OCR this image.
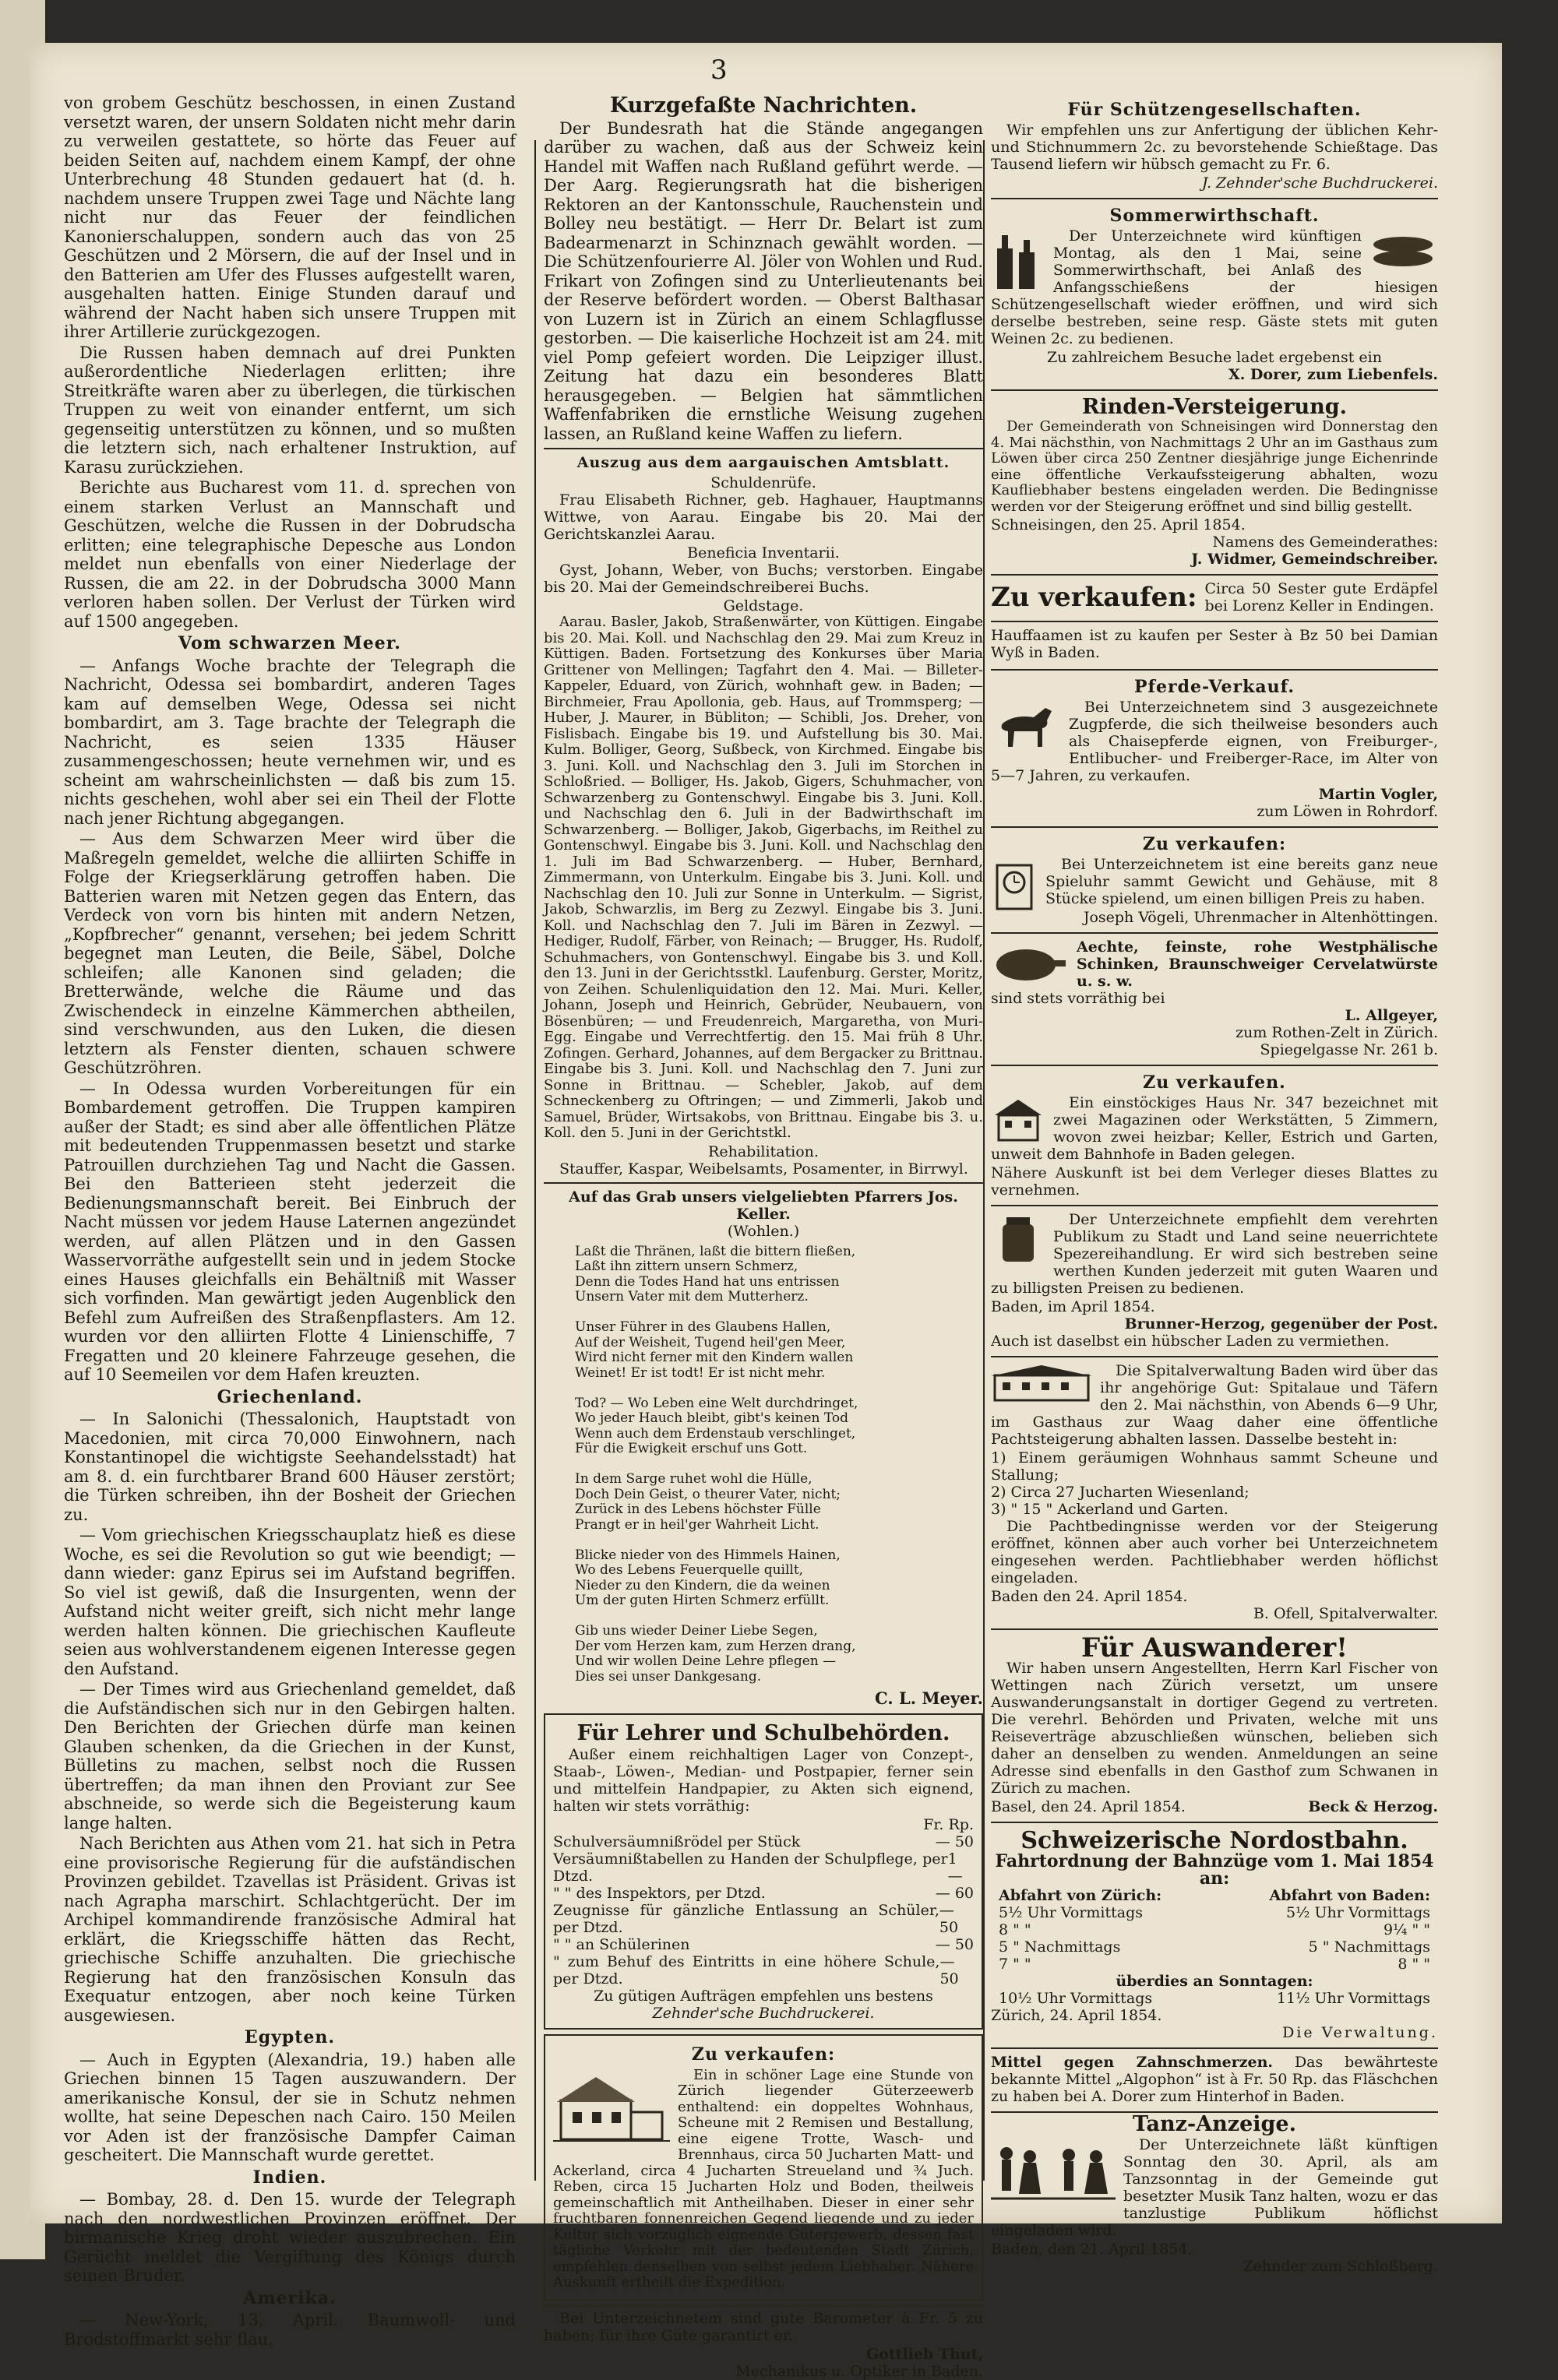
3

von grobem Geschütz beschossen, in einen Zustand versetzt waren, der unsern Soldaten nicht mehr darin zu verweilen gestattete, so hörte das Feuer auf beiden Seiten auf, nachdem einem Kampf, der ohne Unterbrechung 48 Stunden gedauert hat (d. h. nachdem unsere Truppen zwei Tage und Nächte lang nicht nur das Feuer der feindlichen Kanonierschaluppen, sondern auch das von 25 Geschützen und 2 Mörsern, die auf der Insel und in den Batterien am Ufer des Flusses aufgestellt waren, ausgehalten hatten. Einige Stunden darauf und während der Nacht haben sich unsere Truppen mit ihrer Artillerie zurückgezogen.

Die Russen haben demnach auf drei Punkten außerordentliche Niederlagen erlitten; ihre Streitkräfte waren aber zu überlegen, die türkischen Truppen zu weit von einander entfernt, um sich gegenseitig unterstützen zu können, und so mußten die letztern sich, nach erhaltener Instruktion, auf Karasu zurückziehen.

Berichte aus Bucharest vom 11. d. sprechen von einem starken Verlust an Mannschaft und Geschützen, welche die Russen in der Dobrudscha erlitten; eine telegraphische Depesche aus London meldet nun ebenfalls von einer Niederlage der Russen, die am 22. in der Dobrudscha 3000 Mann verloren haben sollen. Der Verlust der Türken wird auf 1500 angegeben.

Vom schwarzen Meer.

— Anfangs Woche brachte der Telegraph die Nachricht, Odessa sei bombardirt, anderen Tages kam auf demselben Wege, Odessa sei nicht bombardirt, am 3. Tage brachte der Telegraph die Nachricht, es seien 1335 Häuser zusammengeschossen; heute vernehmen wir, und es scheint am wahrscheinlichsten — daß bis zum 15. nichts geschehen, wohl aber sei ein Theil der Flotte nach jener Richtung abgegangen.

— Aus dem Schwarzen Meer wird über die Maßregeln gemeldet, welche die alliirten Schiffe in Folge der Kriegserklärung getroffen haben. Die Batterien waren mit Netzen gegen das Entern, das Verdeck von vorn bis hinten mit andern Netzen, „Kopfbrecher“ genannt, versehen; bei jedem Schritt begegnet man Leuten, die Beile, Säbel, Dolche schleifen; alle Kanonen sind geladen; die Bretterwände, welche die Räume und das Zwischendeck in einzelne Kämmerchen abtheilen, sind verschwunden, aus den Luken, die diesen letztern als Fenster dienten, schauen schwere Geschützröhren.

— In Odessa wurden Vorbereitungen für ein Bombardement getroffen. Die Truppen kampiren außer der Stadt; es sind aber alle öffentlichen Plätze mit bedeutenden Truppenmassen besetzt und starke Patrouillen durchziehen Tag und Nacht die Gassen. Bei den Batterieen steht jederzeit die Bedienungsmannschaft bereit. Bei Einbruch der Nacht müssen vor jedem Hause Laternen angezündet werden, auf allen Plätzen und in den Gassen Wasservorräthe aufgestellt sein und in jedem Stocke eines Hauses gleichfalls ein Behältniß mit Wasser sich vorfinden. Man gewärtigt jeden Augenblick den Befehl zum Aufreißen des Straßenpflasters. Am 12. wurden vor den alliirten Flotte 4 Linienschiffe, 7 Fregatten und 20 kleinere Fahrzeuge gesehen, die auf 10 Seemeilen vor dem Hafen kreuzten.

Griechenland.

— In Salonichi (Thessalonich, Hauptstadt von Macedonien, mit circa 70,000 Einwohnern, nach Konstantinopel die wichtigste Seehandelsstadt) hat am 8. d. ein furchtbarer Brand 600 Häuser zerstört; die Türken schreiben, ihn der Bosheit der Griechen zu.

— Vom griechischen Kriegsschauplatz hieß es diese Woche, es sei die Revolution so gut wie beendigt; — dann wieder: ganz Epirus sei im Aufstand begriffen. So viel ist gewiß, daß die Insurgenten, wenn der Aufstand nicht weiter greift, sich nicht mehr lange werden halten können. Die griechischen Kaufleute seien aus wohlverstandenem eigenen Interesse gegen den Aufstand.

— Der Times wird aus Griechenland gemeldet, daß die Aufständischen sich nur in den Gebirgen halten. Den Berichten der Griechen dürfe man keinen Glauben schenken, da die Griechen in der Kunst, Bülletins zu machen, selbst noch die Russen übertreffen; da man ihnen den Proviant zur See abschneide, so werde sich die Begeisterung kaum lange halten.

Nach Berichten aus Athen vom 21. hat sich in Petra eine provisorische Regierung für die aufständischen Provinzen gebildet. Tzavellas ist Präsident. Grivas ist nach Agrapha marschirt. Schlachtgerücht. Der im Archipel kommandirende französische Admiral hat erklärt, die Kriegsschiffe hätten das Recht, griechische Schiffe anzuhalten. Die griechische Regierung hat den französischen Konsuln das Exequatur entzogen, aber noch keine Türken ausgewiesen.

Egypten.

— Auch in Egypten (Alexandria, 19.) haben alle Griechen binnen 15 Tagen auszuwandern. Der amerikanische Konsul, der sie in Schutz nehmen wollte, hat seine Depeschen nach Cairo. 150 Meilen vor Aden ist der französische Dampfer Caiman gescheitert. Die Mannschaft wurde gerettet.

Indien.

— Bombay, 28. d. Den 15. wurde der Telegraph nach den nordwestlichen Provinzen eröffnet. Der birmanische Krieg droht wieder auszubrechen. Ein Gerücht meldet die Vergiftung des Königs durch seinen Bruder.

Amerika.

— New-York, 13. April. Baumwoll- und Brodstoffmarkt sehr flau.

Kurzgefaßte Nachrichten.

Der Bundesrath hat die Stände angegangen darüber zu wachen, daß aus der Schweiz kein Handel mit Waffen nach Rußland geführt werde. — Der Aarg. Regierungsrath hat die bisherigen Rektoren an der Kantonsschule, Rauchenstein und Bolley neu bestätigt. — Herr Dr. Belart ist zum Badearmenarzt in Schinznach gewählt worden. — Die Schützenfourierre Al. Jöler von Wohlen und Rud. Frikart von Zofingen sind zu Unterlieutenants bei der Reserve befördert worden. — Oberst Balthasar von Luzern ist in Zürich an einem Schlagflusse gestorben. — Die kaiserliche Hochzeit ist am 24. mit viel Pomp gefeiert worden. Die Leipziger illust. Zeitung hat dazu ein besonderes Blatt herausgegeben. — Belgien hat sämmtlichen Waffenfabriken die ernstliche Weisung zugehen lassen, an Rußland keine Waffen zu liefern.

Auszug aus dem aargauischen Amtsblatt.
Schuldenrüfe.

Frau Elisabeth Richner, geb. Haghauer, Hauptmanns Wittwe, von Aarau. Eingabe bis 20. Mai der Gerichtskanzlei Aarau.

Beneficia Inventarii.

Gyst, Johann, Weber, von Buchs; verstorben. Eingabe bis 20. Mai der Gemeindschreiberei Buchs.

Geldstage.

Aarau. Basler, Jakob, Straßenwärter, von Küttigen. Eingabe bis 20. Mai. Koll. und Nachschlag den 29. Mai zum Kreuz in Küttigen. Baden. Fortsetzung des Konkurses über Maria Grittener von Mellingen; Tagfahrt den 4. Mai. — Billeter-Kappeler, Eduard, von Zürich, wohnhaft gew. in Baden; — Birchmeier, Frau Apollonia, geb. Haus, auf Trommsperg; — Huber, J. Maurer, in Bübliton; — Schibli, Jos. Dreher, von Fislisbach. Eingabe bis 19. und Aufstellung bis 30. Mai. Kulm. Bolliger, Georg, Sußbeck, von Kirchmed. Eingabe bis 3. Juni. Koll. und Nachschlag den 3. Juli im Storchen in Schloßried. — Bolliger, Hs. Jakob, Gigers, Schuhmacher, von Schwarzenberg zu Gontenschwyl. Eingabe bis 3. Juni. Koll. und Nachschlag den 6. Juli in der Badwirthschaft im Schwarzenberg. — Bolliger, Jakob, Gigerbachs, im Reithel zu Gontenschwyl. Eingabe bis 3. Juni. Koll. und Nachschlag den 1. Juli im Bad Schwarzenberg. — Huber, Bernhard, Zimmermann, von Unterkulm. Eingabe bis 3. Juni. Koll. und Nachschlag den 10. Juli zur Sonne in Unterkulm. — Sigrist, Jakob, Schwarzlis, im Berg zu Zezwyl. Eingabe bis 3. Juni. Koll. und Nachschlag den 7. Juli im Bären in Zezwyl. — Hediger, Rudolf, Färber, von Reinach; — Brugger, Hs. Rudolf, Schuhmachers, von Gontenschwyl. Eingabe bis 3. und Koll. den 13. Juni in der Gerichtsstkl. Laufenburg. Gerster, Moritz, von Zeihen. Schulenliquidation den 12. Mai. Muri. Keller, Johann, Joseph und Heinrich, Gebrüder, Neubauern, von Bösenbüren; — und Freudenreich, Margaretha, von Muri-Egg. Eingabe und Verrechtfertig. den 15. Mai früh 8 Uhr. Zofingen. Gerhard, Johannes, auf dem Bergacker zu Brittnau. Eingabe bis 3. Juni. Koll. und Nachschlag den 7. Juni zur Sonne in Brittnau. — Schebler, Jakob, auf dem Schneckenberg zu Oftringen; — und Zimmerli, Jakob und Samuel, Brüder, Wirtsakobs, von Brittnau. Eingabe bis 3. u. Koll. den 5. Juni in der Gerichtstkl.

Rehabilitation.

Stauffer, Kaspar, Weibelsamts, Posamenter, in Birrwyl.

Auf das Grab unsers vielgeliebten Pfarrers Jos. Keller.
(Wohlen.)
Laßt die Thränen, laßt die bittern fließen,
Laßt ihn zittern unsern Schmerz,
Denn die Todes Hand hat uns entrissen
Unsern Vater mit dem Mutterherz.

Unser Führer in des Glaubens Hallen,
Auf der Weisheit, Tugend heil'gen Meer,
Wird nicht ferner mit den Kindern wallen
Weinet! Er ist todt! Er ist nicht mehr.

Tod? — Wo Leben eine Welt durchdringet,
Wo jeder Hauch bleibt, gibt's keinen Tod
Wenn auch dem Erdenstaub verschlinget,
Für die Ewigkeit erschuf uns Gott.

In dem Sarge ruhet wohl die Hülle,
Doch Dein Geist, o theurer Vater, nicht;
Zurück in des Lebens höchster Fülle
Prangt er in heil'ger Wahrheit Licht.

Blicke nieder von des Himmels Hainen,
Wo des Lebens Feuerquelle quillt,
Nieder zu den Kindern, die da weinen
Um der guten Hirten Schmerz erfüllt.

Gib uns wieder Deiner Liebe Segen,
Der vom Herzen kam, zum Herzen drang,
Und wir wollen Deine Lehre pflegen —
Dies sei unser Dankgesang.
C. L. Meyer.
Für Lehrer und Schulbehörden.

Außer einem reichhaltigen Lager von Conzept-, Staab-, Löwen-, Median- und Postpapier, ferner sein und mittelfein Handpapier, zu Akten sich eignend, halten wir stets vorräthig:

Fr. Rp.
Schulversäumnißrödel per Stück	— 50
Versäumnißtabellen zu Handen der Schulpflege, per Dtzd.
1 —
" " des Inspektors, per Dtzd.	— 60
Zeugnisse für gänzliche Entlassung an Schüler, per Dtzd.
— 50
" " an Schülerinen	— 50
" zum Behuf des Eintritts in eine höhere Schule, per Dtzd.
— 50
Zu gütigen Aufträgen empfehlen uns bestens
Zehnder'sche Buchdruckerei.
Zu verkaufen:

Ein in schöner Lage eine Stunde von Zürich liegender Güterzeewerb enthaltend: ein doppeltes Wohnhaus, Scheune mit 2 Remisen und Bestallung, eine eigene Trotte, Wasch- und Brennhaus, circa 50 Jucharten Matt- und Ackerland, circa 4 Jucharten Streueland und ¾ Juch. Reben, circa 15 Jucharten Holz und Boden, theilweis gemeinschaftlich mit Antheilhaben. Dieser in einer sehr fruchtbaren fonnenreichen Gegend liegende und zu jeder Kultur sich vorzüglich eignende Gütergewerb, dessen fast tägliche Verkehr mit der bedeutenden Stadt Zürich, empfehlen denselben von selbst jedem Liebhaber. Nähere Auskunft ertheilt die Expedition.

Bei Unterzeichnetem sind gute Barometer à Fr. 5 zu haben; für ihre Güte garantirt er.

Gottlieb Thut,
Mechanikus u. Optiker in Baden.
Für Schützengesellschaften.

Wir empfehlen uns zur Anfertigung der üblichen Kehr- und Stichnummern 2c. zu bevorstehende Schießtage. Das Tausend liefern wir hübsch gemacht zu Fr. 6.

J. Zehnder'sche Buchdruckerei.
Sommerwirthschaft.

Der Unterzeichnete wird künftigen Montag, als den 1 Mai, seine Sommerwirthschaft, bei Anlaß des Anfangsschießens der hiesigen Schützengesellschaft wieder eröffnen, und wird sich derselbe bestreben, seine resp. Gäste stets mit guten Weinen 2c. zu bedienen.

Zu zahlreichem Besuche ladet ergebenst ein
X. Dorer, zum Liebenfels.
Rinden-Versteigerung.

Der Gemeinderath von Schneisingen wird Donnerstag den 4. Mai nächsthin, von Nachmittags 2 Uhr an im Gasthaus zum Löwen über circa 250 Zentner diesjährige junge Eichenrinde eine öffentliche Verkaufssteigerung abhalten, wozu Kaufliebhaber bestens eingeladen werden. Die Bedingnisse werden vor der Steigerung eröffnet und sind billig gestellt.

Schneisingen, den 25. April 1854.
Namens des Gemeinderathes:
J. Widmer, Gemeindschreiber.
Zu verkaufen: Circa 50 Sester gute Erdäpfel bei Lorenz Keller in Endingen.

Hauffaamen ist zu kaufen per Sester à Bz 50 bei Damian Wyß in Baden.

Pferde-Verkauf.

Bei Unterzeichnetem sind 3 ausgezeichnete Zugpferde, die sich theilweise besonders auch als Chaisepferde eignen, von Freiburger-, Entlibucher- und Freiberger-Race, im Alter von 5—7 Jahren, zu verkaufen.

Martin Vogler,
zum Löwen in Rohrdorf.
Zu verkaufen:

Bei Unterzeichnetem ist eine bereits ganz neue Spieluhr sammt Gewicht und Gehäuse, mit 8 Stücke spielend, um einen billigen Preis zu haben.

Joseph Vögeli, Uhrenmacher in Altenhöttingen.
Aechte, feinste, rohe Westphälische Schinken, Braunschweiger Cervelatwürste u. s. w.
sind stets vorräthig bei
L. Allgeyer,
zum Rothen-Zelt in Zürich.
Spiegelgasse Nr. 261 b.
Zu verkaufen.

Ein einstöckiges Haus Nr. 347 bezeichnet mit zwei Magazinen oder Werkstätten, 5 Zimmern, wovon zwei heizbar; Keller, Estrich und Garten, unweit dem Bahnhofe in Baden gelegen.

Nähere Auskunft ist bei dem Verleger dieses Blattes zu vernehmen.

Der Unterzeichnete empfiehlt dem verehrten Publikum zu Stadt und Land seine neuerrichtete Spezereihandlung. Er wird sich bestreben seine werthen Kunden jederzeit mit guten Waaren und zu billigsten Preisen zu bedienen.

Baden, im April 1854.
Brunner-Herzog, gegenüber der Post.
Auch ist daselbst ein hübscher Laden zu vermiethen.

Die Spitalverwaltung Baden wird über das ihr angehörige Gut: Spitalaue und Täfern den 2. Mai nächsthin, von Abends 6—9 Uhr, im Gasthaus zur Waag daher eine öffentliche Pachtsteigerung abhalten lassen. Dasselbe besteht in:

1) Einem geräumigen Wohnhaus sammt Scheune und Stallung;
2) Circa 27 Jucharten Wiesenland;
3) " 15 " Ackerland und Garten.

Die Pachtbedingnisse werden vor der Steigerung eröffnet, können aber auch vorher bei Unterzeichnetem eingesehen werden. Pachtliebhaber werden höflichst eingeladen.

Baden den 24. April 1854.
B. Ofell, Spitalverwalter.
Für Auswanderer!

Wir haben unsern Angestellten, Herrn Karl Fischer von Wettingen nach Zürich versetzt, um unsere Auswanderungsanstalt in dortiger Gegend zu vertreten. Die verehrl. Behörden und Privaten, welche mit uns Reiseverträge abzuschließen wünschen, belieben sich daher an denselben zu wenden. Anmeldungen an seine Adresse sind ebenfalls in den Gasthof zum Schwanen in Zürich zu machen.

Basel, den 24. April 1854.	Beck & Herzog.
Schweizerische Nordostbahn.
Fahrtordnung der Bahnzüge vom 1. Mai 1854 an:
Abfahrt von Zürich:	Abfahrt von Baden:
5½ Uhr Vormittags	5½ Uhr Vormittags
8 " "	9¼ " "
5 " Nachmittags	5 " Nachmittags
7 " "	8 " "
überdies an Sonntagen:
10½ Uhr Vormittags	11½ Uhr Vormittags
Zürich, 24. April 1854.
Die Verwaltung.
Mittel gegen Zahnschmerzen. Das bewährteste bekannte Mittel „Algophon“ ist à Fr. 50 Rp. das Fläschchen zu haben bei A. Dorer zum Hinterhof in Baden.
Tanz-Anzeige.

Der Unterzeichnete läßt künftigen Sonntag den 30. April, als am Tanzsonntag in der Gemeinde gut besetzter Musik Tanz halten, wozu er das tanzlustige Publikum höflichst eingeladen wird.

Baden, den 21. April 1854.
Zehnder zum Schloßberg.
